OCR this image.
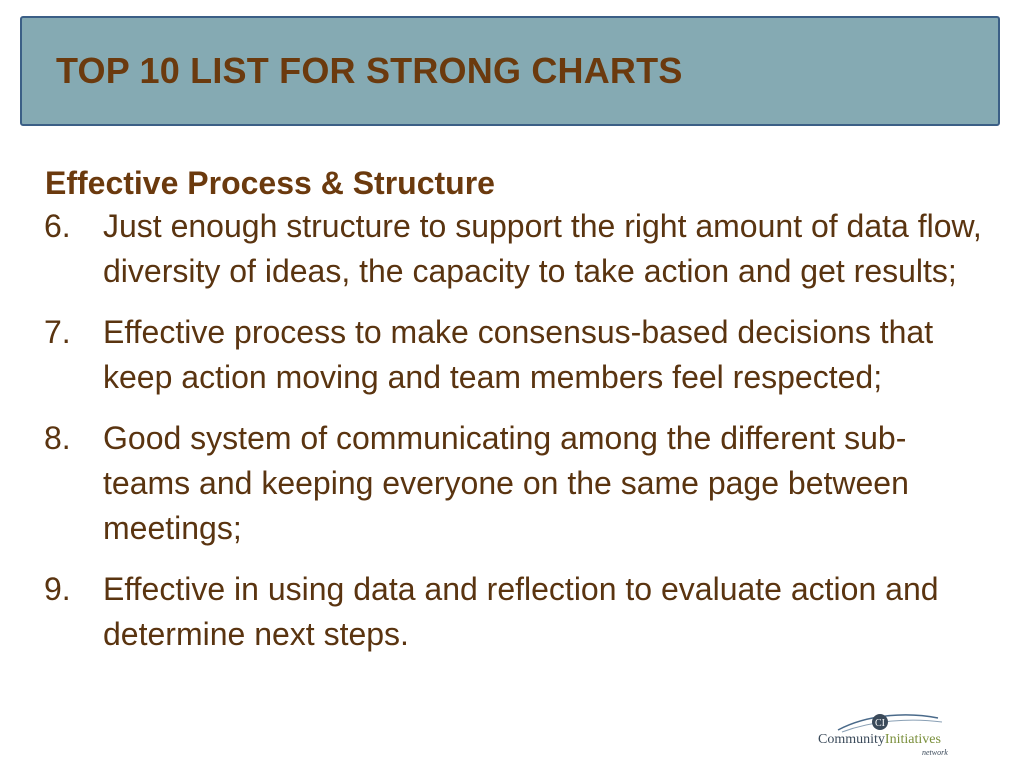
TOP 10 LIST FOR STRONG CHARTS
Effective Process & Structure
6. Just enough structure to support the right amount of data flow, diversity of ideas, the capacity to take action and get results;
7. Effective process to make consensus-based decisions that keep action moving and team members feel respected;
8. Good system of communicating among the different sub-teams and keeping everyone on the same page between meetings;
9. Effective in using data and reflection to evaluate action and determine next steps.
CI
CommunityInitiatives
network
